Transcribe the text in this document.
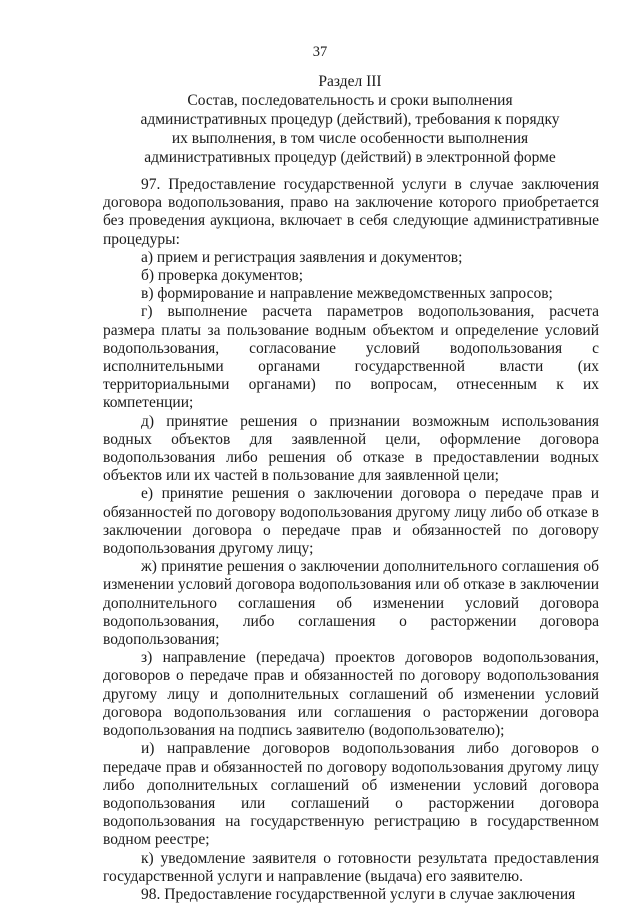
37
Раздел III
Состав, последовательность и сроки выполнения
административных процедур (действий), требования к порядку
их выполнения, в том числе особенности выполнения
административных процедур (действий) в электронной форме

97. Предоставление государственной услуги в случае заключения договора водопользования, право на заключение которого приобретается без проведения аукциона, включает в себя следующие административные процедуры:

а) прием и регистрация заявления и документов;

б) проверка документов;

в) формирование и направление межведомственных запросов;

г) выполнение расчета параметров водопользования, расчета размера платы за пользование водным объектом и определение условий водопользования, согласование условий водопользования с исполнительными органами государственной власти (их территориальными органами) по вопросам, отнесенным к их компетенции;

д) принятие решения о признании возможным использования водных объектов для заявленной цели, оформление договора водопользования либо решения об отказе в предоставлении водных объектов или их частей в пользование для заявленной цели;

е) принятие решения о заключении договора о передаче прав и обязанностей по договору водопользования другому лицу либо об отказе в заключении договора о передаче прав и обязанностей по договору водопользования другому лицу;

ж) принятие решения о заключении дополнительного соглашения об изменении условий договора водопользования или об отказе в заключении дополнительного соглашения об изменении условий договора водопользования, либо соглашения о расторжении договора водопользования;

з) направление (передача) проектов договоров водопользования, договоров о передаче прав и обязанностей по договору водопользования другому лицу и дополнительных соглашений об изменении условий договора водопользования или соглашения о расторжении договора водопользования на подпись заявителю (водопользователю);

и) направление договоров водопользования либо договоров о передаче прав и обязанностей по договору водопользования другому лицу либо дополнительных соглашений об изменении условий договора водопользования или соглашений о расторжении договора водопользования на государственную регистрацию в государственном водном реестре;

к) уведомление заявителя о готовности результата предоставления государственной услуги и направление (выдача) его заявителю.

98. Предоставление государственной услуги в случае заключения
